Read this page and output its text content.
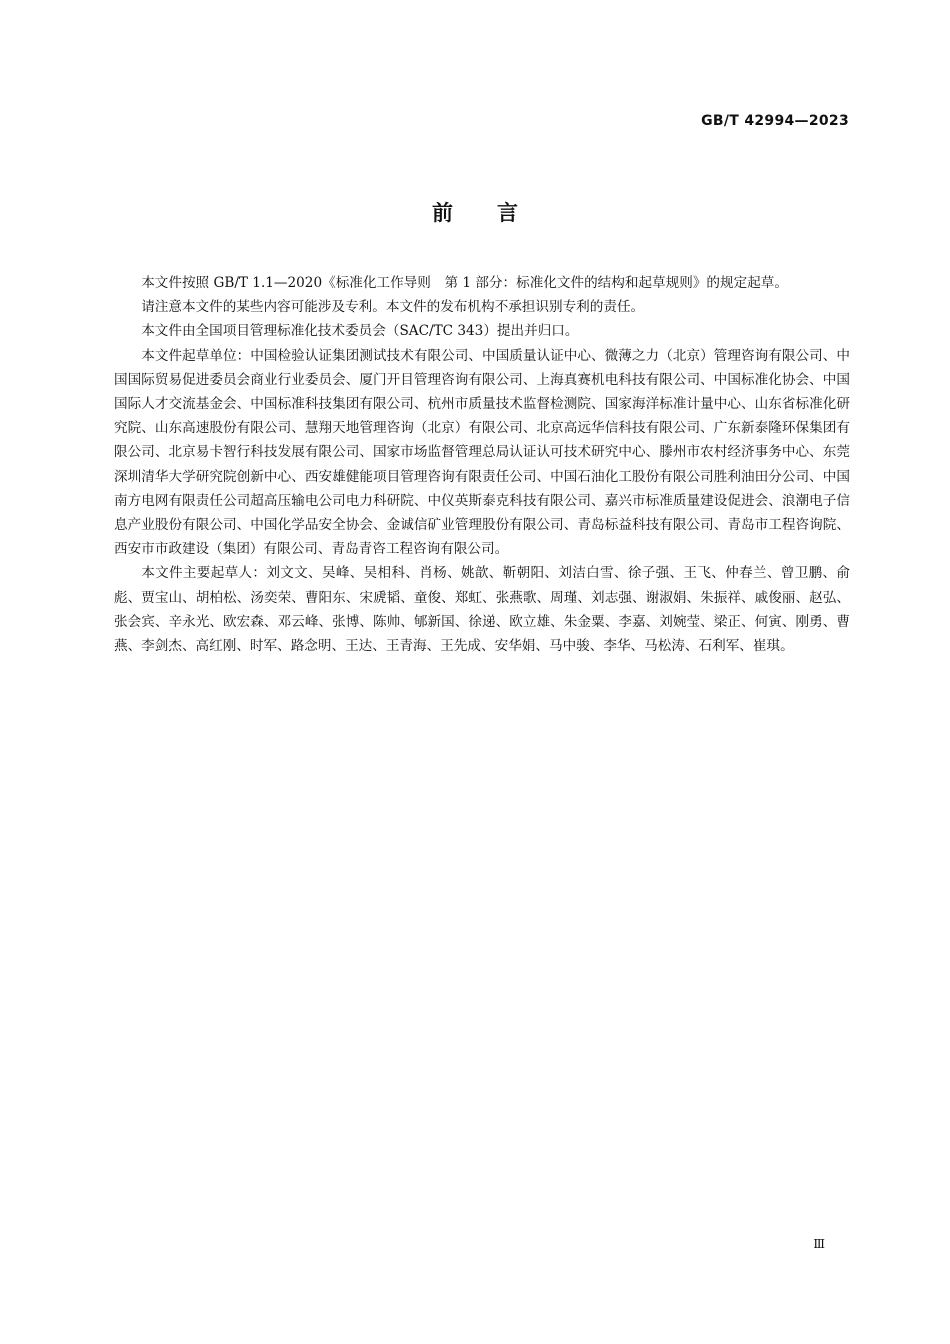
GB/T 42994—2023
前 言

本文件按照 GB/T 1.1—2020《标准化工作导则　第 1 部分：标准化文件的结构和起草规则》的规定起草。

请注意本文件的某些内容可能涉及专利。本文件的发布机构不承担识别专利的责任。

本文件由全国项目管理标准化技术委员会（SAC/TC 343）提出并归口。

本文件起草单位：中国检验认证集团测试技术有限公司、中国质量认证中心、微薄之力（北京）管理咨询有限公司、中国国际贸易促进委员会商业行业委员会、厦门开目管理咨询有限公司、上海真赛机电科技有限公司、中国标准化协会、中国国际人才交流基金会、中国标准科技集团有限公司、杭州市质量技术监督检测院、国家海洋标准计量中心、山东省标准化研究院、山东高速股份有限公司、慧翔天地管理咨询（北京）有限公司、北京高远华信科技有限公司、广东新泰隆环保集团有限公司、北京易卡智行科技发展有限公司、国家市场监督管理总局认证认可技术研究中心、滕州市农村经济事务中心、东莞深圳清华大学研究院创新中心、西安雄健能项目管理咨询有限责任公司、中国石油化工股份有限公司胜利油田分公司、中国南方电网有限责任公司超高压输电公司电力科研院、中仪英斯泰克科技有限公司、嘉兴市标准质量建设促进会、浪潮电子信息产业股份有限公司、中国化学品安全协会、金诚信矿业管理股份有限公司、青岛标益科技有限公司、青岛市工程咨询院、西安市市政建设（集团）有限公司、青岛青咨工程咨询有限公司。

本文件主要起草人：刘文文、吴峰、吴相科、肖杨、姚歆、靳朝阳、刘洁白雪、徐子强、王飞、仲春兰、曾卫鹏、俞彪、贾宝山、胡柏松、汤奕荣、曹阳东、宋虒韬、童俊、郑虹、张燕歌、周瑾、刘志强、谢淑娟、朱振祥、戚俊丽、赵弘、张会宾、辛永光、欧宏森、邓云峰、张博、陈帅、郇新国、徐递、欧立雄、朱金粟、李嘉、刘婉莹、梁正、何寅、刚勇、曹燕、李剑杰、高红刚、时军、路念明、王达、王青海、王先成、安华娟、马中骏、李华、马松涛、石利军、崔琪。

Ⅲ
